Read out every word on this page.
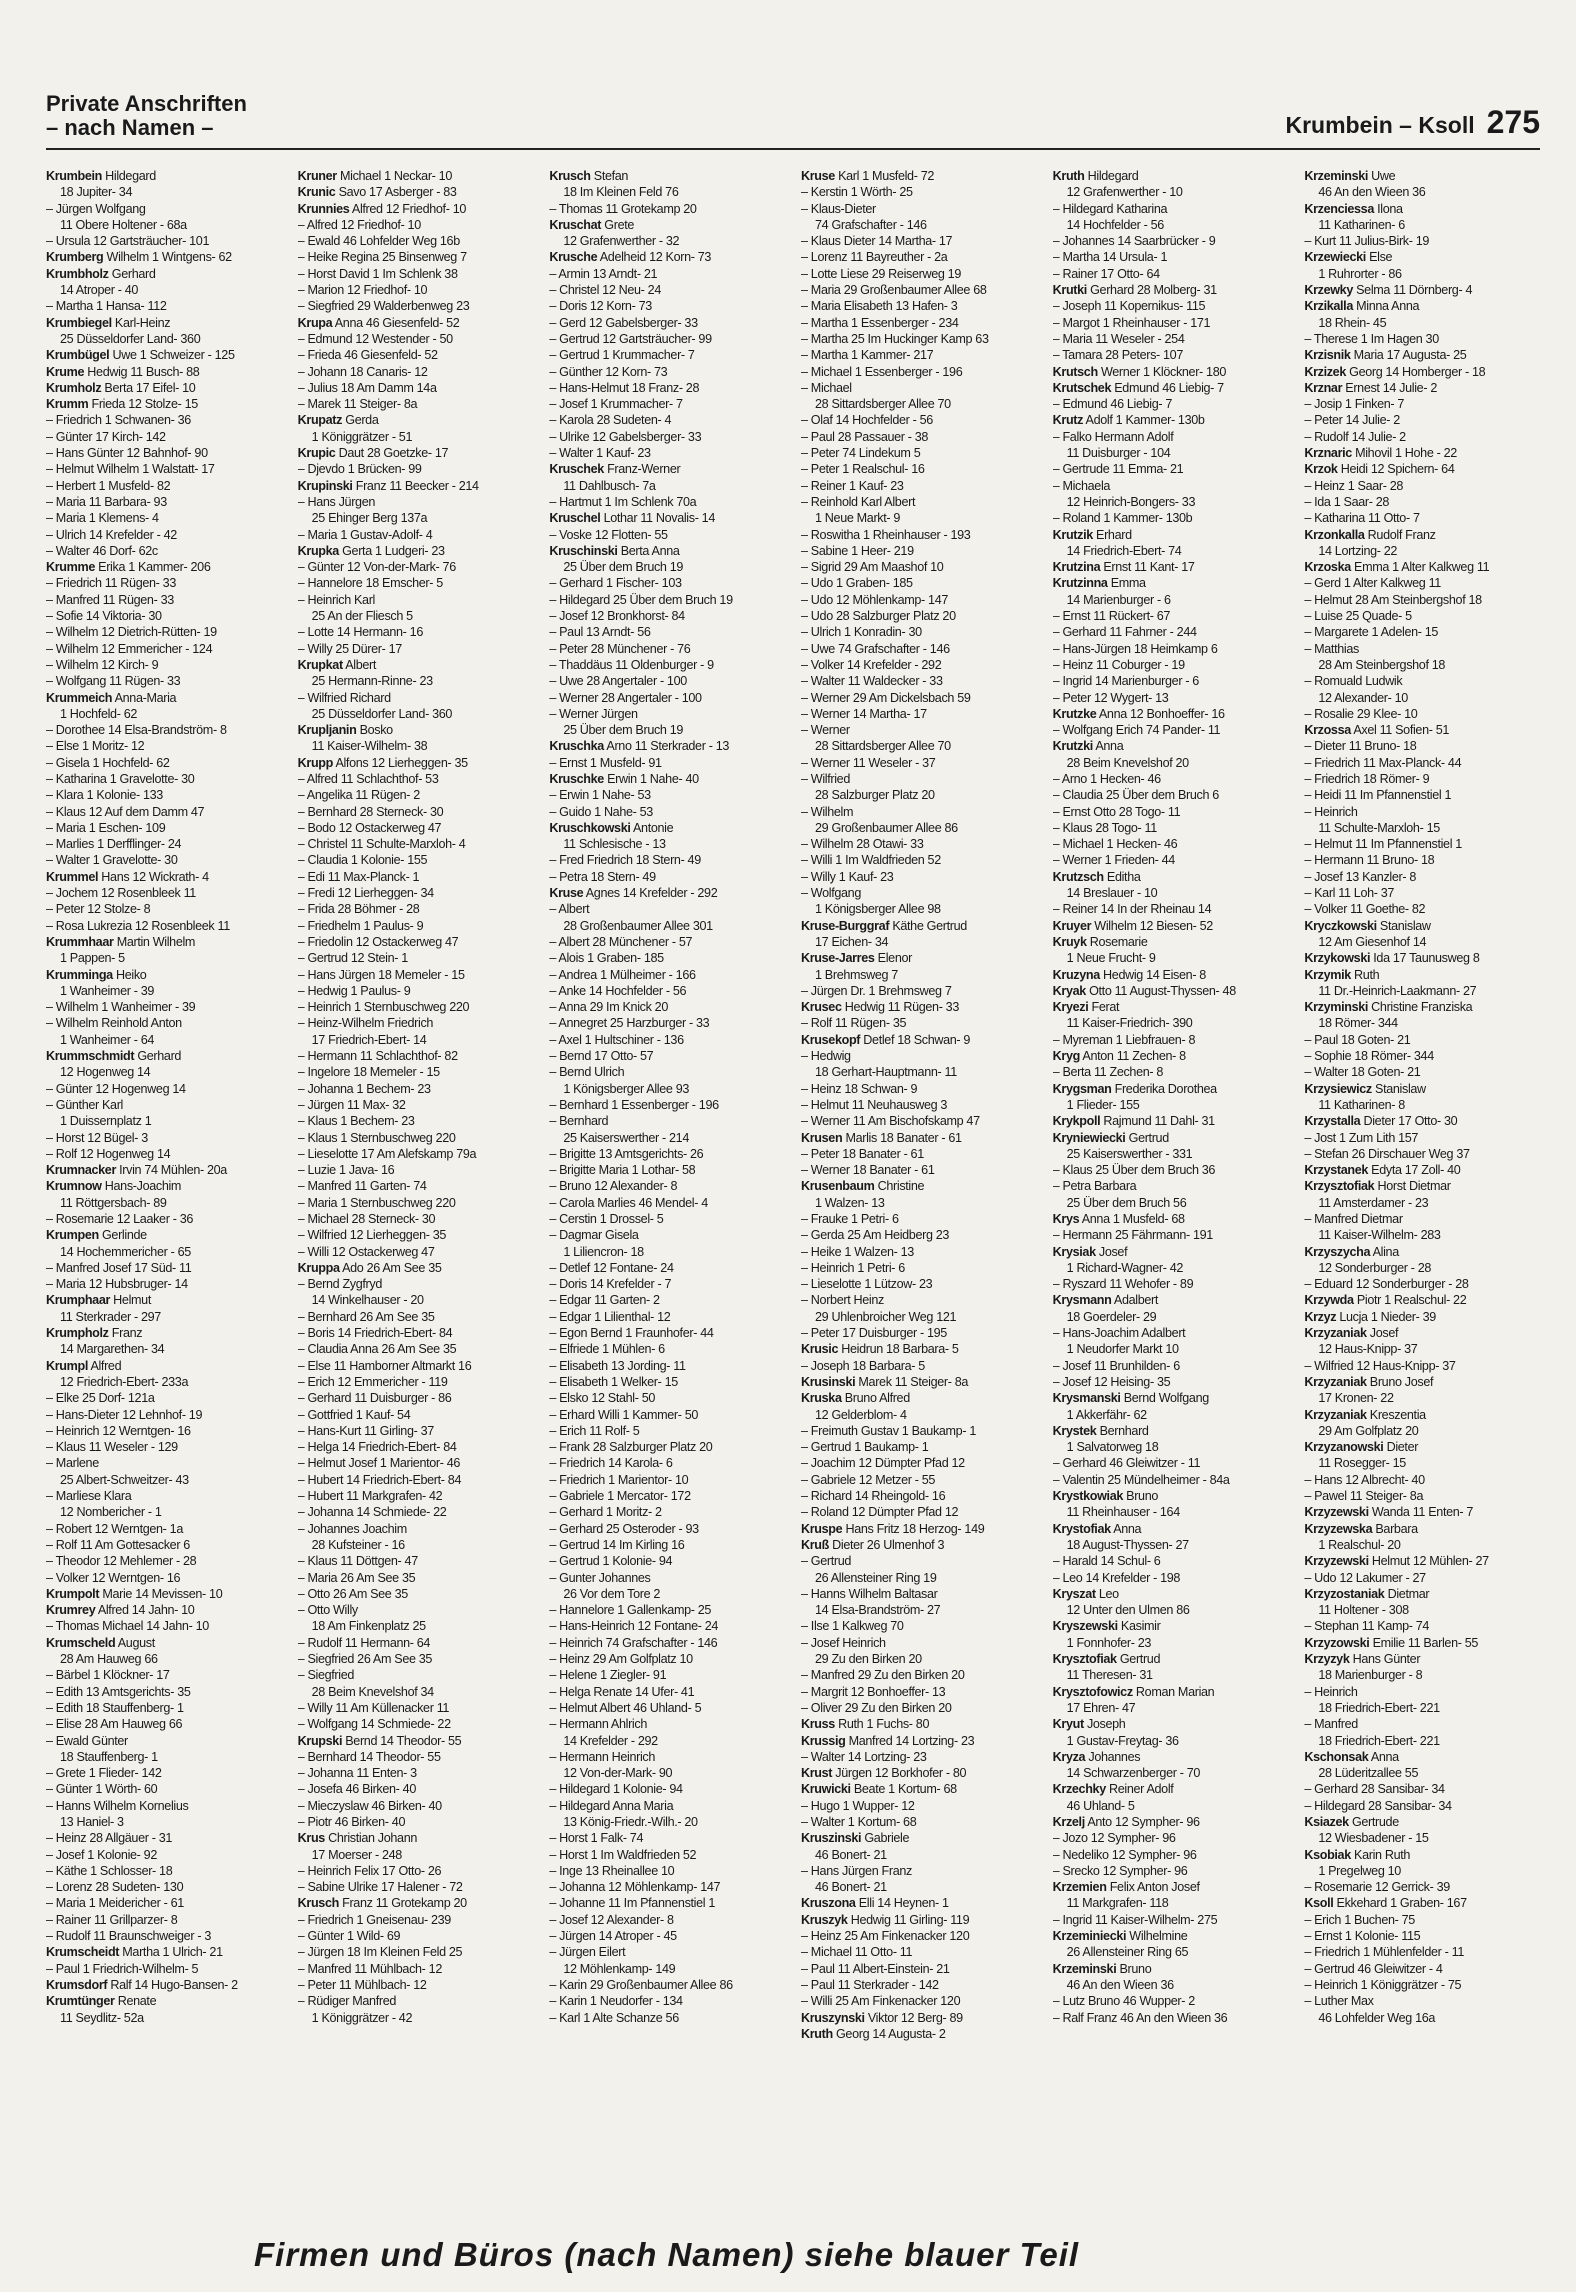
Private Anschriften
– nach Namen –	Krumbein – Ksoll 275
Krumbein Hildegard
18 Jupiter- 34
– Jürgen Wolfgang
11 Obere Holtener - 68a
– Ursula 12 Gartsträucher- 101
Krumberg Wilhelm 1 Wintgens- 62
Krumbholz Gerhard
14 Atroper - 40
– Martha 1 Hansa- 112
Krumbiegel Karl-Heinz
25 Düsseldorfer Land- 360
Krumbügel Uwe 1 Schweizer - 125
Krume Hedwig 11 Busch- 88
Krumholz Berta 17 Eifel- 10
Krumm Frieda 12 Stolze- 15
– Friedrich 1 Schwanen- 36
– Günter 17 Kirch- 142
– Hans Günter 12 Bahnhof- 90
– Helmut Wilhelm 1 Walstatt- 17
– Herbert 1 Musfeld- 82
– Maria 11 Barbara- 93
– Maria 1 Klemens- 4
– Ulrich 14 Krefelder - 42
– Walter 46 Dorf- 62c
Krumme Erika 1 Kammer- 206
– Friedrich 11 Rügen- 33
– Manfred 11 Rügen- 33
– Sofie 14 Viktoria- 30
– Wilhelm 12 Dietrich-Rütten- 19
– Wilhelm 12 Emmericher - 124
– Wilhelm 12 Kirch- 9
– Wolfgang 11 Rügen- 33
Krummeich Anna-Maria
1 Hochfeld- 62
– Dorothee 14 Elsa-Brandström- 8
– Else 1 Moritz- 12
– Gisela 1 Hochfeld- 62
– Katharina 1 Gravelotte- 30
– Klara 1 Kolonie- 133
– Klaus 12 Auf dem Damm 47
– Maria 1 Eschen- 109
– Marlies 1 Derfflinger- 24
– Walter 1 Gravelotte- 30
Krummel Hans 12 Wickrath- 4
– Jochem 12 Rosenbleek 11
– Peter 12 Stolze- 8
– Rosa Lukrezia 12 Rosenbleek 11
Krummhaar Martin Wilhelm
1 Pappen- 5
Krumminga Heiko
1 Wanheimer - 39
– Wilhelm 1 Wanheimer - 39
– Wilhelm Reinhold Anton
1 Wanheimer - 64
Krummschmidt Gerhard
12 Hogenweg 14
– Günter 12 Hogenweg 14
– Günther Karl
1 Duissernplatz 1
– Horst 12 Bügel- 3
– Rolf 12 Hogenweg 14
Krumnacker Irvin 74 Mühlen- 20a
Krumnow Hans-Joachim
11 Röttgersbach- 89
– Rosemarie 12 Laaker - 36
Krumpen Gerlinde
14 Hochemmericher - 65
– Manfred Josef 17 Süd- 11
– Maria 12 Hubsbruger- 14
Krumphaar Helmut
11 Sterkrader - 297
Krumpholz Franz
14 Margarethen- 34
Krumpl Alfred
12 Friedrich-Ebert- 233a
– Elke 25 Dorf- 121a
– Hans-Dieter 12 Lehnhof- 19
– Heinrich 12 Werntgen- 16
– Klaus 11 Weseler - 129
– Marlene
25 Albert-Schweitzer- 43
– Marliese Klara
12 Nombericher - 1
– Robert 12 Werntgen- 1a
– Rolf 11 Am Gottesacker 6
– Theodor 12 Mehlemer - 28
– Volker 12 Werntgen- 16
Krumpolt Marie 14 Mevissen- 10
Krumrey Alfred 14 Jahn- 10
– Thomas Michael 14 Jahn- 10
Krumscheld August
28 Am Hauweg 66
– Bärbel 1 Klöckner- 17
– Edith 13 Amtsgerichts- 35
– Edith 18 Stauffenberg- 1
– Elise 28 Am Hauweg 66
– Ewald Günter
18 Stauffenberg- 1
– Grete 1 Flieder- 142
– Günter 1 Wörth- 60
– Hanns Wilhelm Kornelius
13 Haniel- 3
– Heinz 28 Allgäuer - 31
– Josef 1 Kolonie- 92
– Käthe 1 Schlosser- 18
– Lorenz 28 Sudeten- 130
– Maria 1 Meidericher - 61
– Rainer 11 Grillparzer- 8
– Rudolf 11 Braunschweiger - 3
Krumscheidt Martha 1 Ulrich- 21
– Paul 1 Friedrich-Wilhelm- 5
Krumsdorf Ralf 14 Hugo-Bansen- 2
Krumtünger Renate
11 Seydlitz- 52a
Kruner Michael 1 Neckar- 10
Krunic Savo 17 Asberger - 83
Krunnies Alfred 12 Friedhof- 10
– Alfred 12 Friedhof- 10
– Ewald 46 Lohfelder Weg 16b
– Heike Regina 25 Binsenweg 7
– Horst David 1 Im Schlenk 38
– Marion 12 Friedhof- 10
– Siegfried 29 Walderbenweg 23
Krupa Anna 46 Giesenfeld- 52
– Edmund 12 Westender - 50
– Frieda 46 Giesenfeld- 52
– Johann 18 Canaris- 12
– Julius 18 Am Damm 14a
– Marek 11 Steiger- 8a
Krupatz Gerda
1 Königgrätzer - 51
Krupic Daut 28 Goetzke- 17
– Djevdo 1 Brücken- 99
Krupinski Franz 11 Beecker - 214
– Hans Jürgen
25 Ehinger Berg 137a
– Maria 1 Gustav-Adolf- 4
Krupka Gerta 1 Ludgeri- 23
– Günter 12 Von-der-Mark- 76
– Hannelore 18 Emscher- 5
– Heinrich Karl
25 An der Fliesch 5
– Lotte 14 Hermann- 16
– Willy 25 Dürer- 17
Krupkat Albert
25 Hermann-Rinne- 23
– Wilfried Richard
25 Düsseldorfer Land- 360
Krupljanin Bosko
11 Kaiser-Wilhelm- 38
Krupp Alfons 12 Lierheggen- 35
– Alfred 11 Schlachthof- 53
– Angelika 11 Rügen- 2
– Bernhard 28 Sterneck- 30
– Bodo 12 Ostackerweg 47
– Christel 11 Schulte-Marxloh- 4
– Claudia 1 Kolonie- 155
– Edi 11 Max-Planck- 1
– Fredi 12 Lierheggen- 34
– Frida 28 Böhmer - 28
– Friedhelm 1 Paulus- 9
– Friedolin 12 Ostackerweg 47
– Gertrud 12 Stein- 1
– Hans Jürgen 18 Memeler - 15
– Hedwig 1 Paulus- 9
– Heinrich 1 Sternbuschweg 220
– Heinz-Wilhelm Friedrich
17 Friedrich-Ebert- 14
– Hermann 11 Schlachthof- 82
– Ingelore 18 Memeler - 15
– Johanna 1 Bechem- 23
– Jürgen 11 Max- 32
– Klaus 1 Bechem- 23
– Klaus 1 Sternbuschweg 220
– Lieselotte 17 Am Alefskamp 79a
– Luzie 1 Java- 16
– Manfred 11 Garten- 74
– Maria 1 Sternbuschweg 220
– Michael 28 Sterneck- 30
– Wilfried 12 Lierheggen- 35
– Willi 12 Ostackerweg 47
Kruppa Ado 26 Am See 35
– Bernd Zygfryd
14 Winkelhauser - 20
– Bernhard 26 Am See 35
– Boris 14 Friedrich-Ebert- 84
– Claudia Anna 26 Am See 35
– Else 11 Hamborner Altmarkt 16
– Erich 12 Emmericher - 119
– Gerhard 11 Duisburger - 86
– Gottfried 1 Kauf- 54
– Hans-Kurt 11 Girling- 37
– Helga 14 Friedrich-Ebert- 84
– Helmut Josef 1 Marientor- 46
– Hubert 14 Friedrich-Ebert- 84
– Hubert 11 Markgrafen- 42
– Johanna 14 Schmiede- 22
– Johannes Joachim
28 Kufsteiner - 16
– Klaus 11 Döttgen- 47
– Maria 26 Am See 35
– Otto 26 Am See 35
– Otto Willy
18 Am Finkenplatz 25
– Rudolf 11 Hermann- 64
– Siegfried 26 Am See 35
– Siegfried
28 Beim Knevelshof 34
– Willy 11 Am Küllenacker 11
– Wolfgang 14 Schmiede- 22
Krupski Bernd 14 Theodor- 55
– Bernhard 14 Theodor- 55
– Johanna 11 Enten- 3
– Josefa 46 Birken- 40
– Mieczyslaw 46 Birken- 40
– Piotr 46 Birken- 40
Krus Christian Johann
17 Moerser - 248
– Heinrich Felix 17 Otto- 26
– Sabine Ulrike 17 Halener - 72
Krusch Franz 11 Grotekamp 20
– Friedrich 1 Gneisenau- 239
– Günter 1 Wild- 69
– Jürgen 18 Im Kleinen Feld 25
– Manfred 11 Mühlbach- 12
– Peter 11 Mühlbach- 12
– Rüdiger Manfred
1 Königgrätzer - 42
Krusch Stefan
18 Im Kleinen Feld 76
– Thomas 11 Grotekamp 20
Kruschat Grete
12 Grafenwerther - 32
Krusche Adelheid 12 Korn- 73
– Armin 13 Arndt- 21
– Christel 12 Neu- 24
– Doris 12 Korn- 73
– Gerd 12 Gabelsberger- 33
– Gertrud 12 Gartsträucher- 99
– Gertrud 1 Krummacher- 7
– Günther 12 Korn- 73
– Hans-Helmut 18 Franz- 28
– Josef 1 Krummacher- 7
– Karola 28 Sudeten- 4
– Ulrike 12 Gabelsberger- 33
– Walter 1 Kauf- 23
Kruschek Franz-Werner
11 Dahlbusch- 7a
– Hartmut 1 Im Schlenk 70a
Kruschel Lothar 11 Novalis- 14
– Voske 12 Flotten- 55
Kruschinski Berta Anna
25 Über dem Bruch 19
– Gerhard 1 Fischer- 103
– Hildegard 25 Über dem Bruch 19
– Josef 12 Bronkhorst- 84
– Paul 13 Arndt- 56
– Peter 28 Münchener - 76
– Thaddäus 11 Oldenburger - 9
– Uwe 28 Angertaler - 100
– Werner 28 Angertaler - 100
– Werner Jürgen
25 Über dem Bruch 19
Kruschka Arno 11 Sterkrader - 13
– Ernst 1 Musfeld- 91
Kruschke Erwin 1 Nahe- 40
– Erwin 1 Nahe- 53
– Guido 1 Nahe- 53
Kruschkowski Antonie
11 Schlesische - 13
– Fred Friedrich 18 Stern- 49
– Petra 18 Stern- 49
Kruse Agnes 14 Krefelder - 292
– Albert
28 Großenbaumer Allee 301
– Albert 28 Münchener - 57
– Alois 1 Graben- 185
– Andrea 1 Mülheimer - 166
– Anke 14 Hochfelder - 56
– Anna 29 Im Knick 20
– Annegret 25 Harzburger - 33
– Axel 1 Hultschiner - 136
– Bernd 17 Otto- 57
– Bernd Ulrich
1 Königsberger Allee 93
– Bernhard 1 Essenberger - 196
– Bernhard
25 Kaiserswerther - 214
– Brigitte 13 Amtsgerichts- 26
– Brigitte Maria 1 Lothar- 58
– Bruno 12 Alexander- 8
– Carola Marlies 46 Mendel- 4
– Cerstin 1 Drossel- 5
– Dagmar Gisela
1 Liliencron- 18
– Detlef 12 Fontane- 24
– Doris 14 Krefelder - 7
– Edgar 11 Garten- 2
– Edgar 1 Lilienthal- 12
– Egon Bernd 1 Fraunhofer- 44
– Elfriede 1 Mühlen- 6
– Elisabeth 13 Jording- 11
– Elisabeth 1 Welker- 15
– Elsko 12 Stahl- 50
– Erhard Willi 1 Kammer- 50
– Erich 11 Rolf- 5
– Frank 28 Salzburger Platz 20
– Friedrich 14 Karola- 6
– Friedrich 1 Marientor- 10
– Gabriele 1 Mercator- 172
– Gerhard 1 Moritz- 2
– Gerhard 25 Osteroder - 93
– Gertrud 14 Im Kirling 16
– Gertrud 1 Kolonie- 94
– Gunter Johannes
26 Vor dem Tore 2
– Hannelore 1 Gallenkamp- 25
– Hans-Heinrich 12 Fontane- 24
– Heinrich 74 Grafschafter - 146
– Heinz 29 Am Golfplatz 10
– Helene 1 Ziegler- 91
– Helga Renate 14 Ufer- 41
– Helmut Albert 46 Uhland- 5
– Hermann Ahlrich
14 Krefelder - 292
– Hermann Heinrich
12 Von-der-Mark- 90
– Hildegard 1 Kolonie- 94
– Hildegard Anna Maria
13 König-Friedr.-Wilh.- 20
– Horst 1 Falk- 74
– Horst 1 Im Waldfrieden 52
– Inge 13 Rheinallee 10
– Johanna 12 Möhlenkamp- 147
– Johanne 11 Im Pfannenstiel 1
– Josef 12 Alexander- 8
– Jürgen 14 Atroper - 45
– Jürgen Eilert
12 Möhlenkamp- 149
– Karin 29 Großenbaumer Allee 86
– Karin 1 Neudorfer - 134
– Karl 1 Alte Schanze 56
Kruse Karl 1 Musfeld- 72
– Kerstin 1 Wörth- 25
– Klaus-Dieter
74 Grafschafter - 146
– Klaus Dieter 14 Martha- 17
– Lorenz 11 Bayreuther - 2a
– Lotte Liese 29 Reiserweg 19
– Maria 29 Großenbaumer Allee 68
– Maria Elisabeth 13 Hafen- 3
– Martha 1 Essenberger - 234
– Martha 25 Im Huckinger Kamp 63
– Martha 1 Kammer- 217
– Michael 1 Essenberger - 196
– Michael
28 Sittardsberger Allee 70
– Olaf 14 Hochfelder - 56
– Paul 28 Passauer - 38
– Peter 74 Lindekum 5
– Peter 1 Realschul- 16
– Reiner 1 Kauf- 23
– Reinhold Karl Albert
1 Neue Markt- 9
– Roswitha 1 Rheinhauser - 193
– Sabine 1 Heer- 219
– Sigrid 29 Am Maashof 10
– Udo 1 Graben- 185
– Udo 12 Möhlenkamp- 147
– Udo 28 Salzburger Platz 20
– Ulrich 1 Konradin- 30
– Uwe 74 Grafschafter - 146
– Volker 14 Krefelder - 292
– Walter 11 Waldecker - 33
– Werner 29 Am Dickelsbach 59
– Werner 14 Martha- 17
– Werner
28 Sittardsberger Allee 70
– Werner 11 Weseler - 37
– Wilfried
28 Salzburger Platz 20
– Wilhelm
29 Großenbaumer Allee 86
– Wilhelm 28 Otawi- 33
– Willi 1 Im Waldfrieden 52
– Willy 1 Kauf- 23
– Wolfgang
1 Königsberger Allee 98
Kruse-Burggraf Käthe Gertrud
17 Eichen- 34
Kruse-Jarres Elenor
1 Brehmsweg 7
– Jürgen Dr. 1 Brehmsweg 7
Krusec Hedwig 11 Rügen- 33
– Rolf 11 Rügen- 35
Krusekopf Detlef 18 Schwan- 9
– Hedwig
18 Gerhart-Hauptmann- 11
– Heinz 18 Schwan- 9
– Helmut 11 Neuhausweg 3
– Werner 11 Am Bischofskamp 47
Krusen Marlis 18 Banater - 61
– Peter 18 Banater - 61
– Werner 18 Banater - 61
Krusenbaum Christine
1 Walzen- 13
– Frauke 1 Petri- 6
– Gerda 25 Am Heidberg 23
– Heike 1 Walzen- 13
– Heinrich 1 Petri- 6
– Lieselotte 1 Lützow- 23
– Norbert Heinz
29 Uhlenbroicher Weg 121
– Peter 17 Duisburger - 195
Krusic Heidrun 18 Barbara- 5
– Joseph 18 Barbara- 5
Krusinski Marek 11 Steiger- 8a
Kruska Bruno Alfred
12 Gelderblom- 4
– Freimuth Gustav 1 Baukamp- 1
– Gertrud 1 Baukamp- 1
– Joachim 12 Dümpter Pfad 12
– Gabriele 12 Metzer - 55
– Richard 14 Rheingold- 16
– Roland 12 Dümpter Pfad 12
Kruspe Hans Fritz 18 Herzog- 149
Kruß Dieter 26 Ulmenhof 3
– Gertrud
26 Allensteiner Ring 19
– Hanns Wilhelm Baltasar
14 Elsa-Brandström- 27
– Ilse 1 Kalkweg 70
– Josef Heinrich
29 Zu den Birken 20
– Manfred 29 Zu den Birken 20
– Margrit 12 Bonhoeffer- 13
– Oliver 29 Zu den Birken 20
Kruss Ruth 1 Fuchs- 80
Krussig Manfred 14 Lortzing- 23
– Walter 14 Lortzing- 23
Krust Jürgen 12 Borkhofer - 80
Kruwicki Beate 1 Kortum- 68
– Hugo 1 Wupper- 12
– Walter 1 Kortum- 68
Kruszinski Gabriele
46 Bonert- 21
– Hans Jürgen Franz
46 Bonert- 21
Kruszona Elli 14 Heynen- 1
Kruszyk Hedwig 11 Girling- 119
– Heinz 25 Am Finkenacker 120
– Michael 11 Otto- 11
– Paul 11 Albert-Einstein- 21
– Paul 11 Sterkrader - 142
– Willi 25 Am Finkenacker 120
Kruszynski Viktor 12 Berg- 89
Kruth Georg 14 Augusta- 2
Kruth Hildegard
12 Grafenwerther - 10
– Hildegard Katharina
14 Hochfelder - 56
– Johannes 14 Saarbrücker - 9
– Martha 14 Ursula- 1
– Rainer 17 Otto- 64
Krutki Gerhard 28 Molberg- 31
– Joseph 11 Kopernikus- 115
– Margot 1 Rheinhauser - 171
– Maria 11 Weseler - 254
– Tamara 28 Peters- 107
Krutsch Werner 1 Klöckner- 180
Krutschek Edmund 46 Liebig- 7
– Edmund 46 Liebig- 7
Krutz Adolf 1 Kammer- 130b
– Falko Hermann Adolf
11 Duisburger - 104
– Gertrude 11 Emma- 21
– Michaela
12 Heinrich-Bongers- 33
– Roland 1 Kammer- 130b
Krutzik Erhard
14 Friedrich-Ebert- 74
Krutzina Ernst 11 Kant- 17
Krutzinna Emma
14 Marienburger - 6
– Ernst 11 Rückert- 67
– Gerhard 11 Fahrner - 244
– Hans-Jürgen 18 Heimkamp 6
– Heinz 11 Coburger - 19
– Ingrid 14 Marienburger - 6
– Peter 12 Wygert- 13
Krutzke Anna 12 Bonhoeffer- 16
– Wolfgang Erich 74 Pander- 11
Krutzki Anna
28 Beim Knevelshof 20
– Arno 1 Hecken- 46
– Claudia 25 Über dem Bruch 6
– Ernst Otto 28 Togo- 11
– Klaus 28 Togo- 11
– Michael 1 Hecken- 46
– Werner 1 Frieden- 44
Krutzsch Editha
14 Breslauer - 10
– Reiner 14 In der Rheinau 14
Kruyer Wilhelm 12 Biesen- 52
Kruyk Rosemarie
1 Neue Frucht- 9
Kruzyna Hedwig 14 Eisen- 8
Kryak Otto 11 August-Thyssen- 48
Kryezi Ferat
11 Kaiser-Friedrich- 390
– Myreman 1 Liebfrauen- 8
Kryg Anton 11 Zechen- 8
– Berta 11 Zechen- 8
Krygsman Frederika Dorothea
1 Flieder- 155
Krykpoll Rajmund 11 Dahl- 31
Kryniewiecki Gertrud
25 Kaiserswerther - 331
– Klaus 25 Über dem Bruch 36
– Petra Barbara
25 Über dem Bruch 56
Krys Anna 1 Musfeld- 68
– Hermann 25 Fährmann- 191
Krysiak Josef
1 Richard-Wagner- 42
– Ryszard 11 Wehofer - 89
Krysmann Adalbert
18 Goerdeler- 29
– Hans-Joachim Adalbert
1 Neudorfer Markt 10
– Josef 11 Brunhilden- 6
– Josef 12 Heising- 35
Krysmanski Bernd Wolfgang
1 Akkerfähr- 62
Krystek Bernhard
1 Salvatorweg 18
– Gerhard 46 Gleiwitzer - 11
– Valentin 25 Mündelheimer - 84a
Krystkowiak Bruno
11 Rheinhauser - 164
Krystofiak Anna
18 August-Thyssen- 27
– Harald 14 Schul- 6
– Leo 14 Krefelder - 198
Kryszat Leo
12 Unter den Ulmen 86
Kryszewski Kasimir
1 Fonnhofer- 23
Krysztofiak Gertrud
11 Theresen- 31
Krysztofowicz Roman Marian
17 Ehren- 47
Kryut Joseph
1 Gustav-Freytag- 36
Kryza Johannes
14 Schwarzenberger - 70
Krzechky Reiner Adolf
46 Uhland- 5
Krzelj Anto 12 Sympher- 96
– Jozo 12 Sympher- 96
– Nedeliko 12 Sympher- 96
– Srecko 12 Sympher- 96
Krzemien Felix Anton Josef
11 Markgrafen- 118
– Ingrid 11 Kaiser-Wilhelm- 275
Krzeminiecki Wilhelmine
26 Allensteiner Ring 65
Krzeminski Bruno
46 An den Wieen 36
– Lutz Bruno 46 Wupper- 2
– Ralf Franz 46 An den Wieen 36
Krzeminski Uwe
46 An den Wieen 36
Krzenciessa Ilona
11 Katharinen- 6
– Kurt 11 Julius-Birk- 19
Krzewiecki Else
1 Ruhrorter - 86
Krzewky Selma 11 Dörnberg- 4
Krzikalla Minna Anna
18 Rhein- 45
– Therese 1 Im Hagen 30
Krzisnik Maria 17 Augusta- 25
Krzizek Georg 14 Homberger - 18
Krznar Ernest 14 Julie- 2
– Josip 1 Finken- 7
– Peter 14 Julie- 2
– Rudolf 14 Julie- 2
Krznaric Mihovil 1 Hohe - 22
Krzok Heidi 12 Spichern- 64
– Heinz 1 Saar- 28
– Ida 1 Saar- 28
– Katharina 11 Otto- 7
Krzonkalla Rudolf Franz
14 Lortzing- 22
Krzoska Emma 1 Alter Kalkweg 11
– Gerd 1 Alter Kalkweg 11
– Helmut 28 Am Steinbergshof 18
– Luise 25 Quade- 5
– Margarete 1 Adelen- 15
– Matthias
28 Am Steinbergshof 18
– Romuald Ludwik
12 Alexander- 10
– Rosalie 29 Klee- 10
Krzossa Axel 11 Sofien- 51
– Dieter 11 Bruno- 18
– Friedrich 11 Max-Planck- 44
– Friedrich 18 Römer- 9
– Heidi 11 Im Pfannenstiel 1
– Heinrich
11 Schulte-Marxloh- 15
– Helmut 11 Im Pfannenstiel 1
– Hermann 11 Bruno- 18
– Josef 13 Kanzler- 8
– Karl 11 Loh- 37
– Volker 11 Goethe- 82
Kryczkowski Stanislaw
12 Am Giesenhof 14
Krzykowski Ida 17 Taunusweg 8
Krzymik Ruth
11 Dr.-Heinrich-Laakmann- 27
Krzyminski Christine Franziska
18 Römer- 344
– Paul 18 Goten- 21
– Sophie 18 Römer- 344
– Walter 18 Goten- 21
Krzysiewicz Stanislaw
11 Katharinen- 8
Krzystalla Dieter 17 Otto- 30
– Jost 1 Zum Lith 157
– Stefan 26 Dirschauer Weg 37
Krzystanek Edyta 17 Zoll- 40
Krzysztofiak Horst Dietmar
11 Amsterdamer - 23
– Manfred Dietmar
11 Kaiser-Wilhelm- 283
Krzyszycha Alina
12 Sonderburger - 28
– Eduard 12 Sonderburger - 28
Krzywda Piotr 1 Realschul- 22
Krzyz Lucja 1 Nieder- 39
Krzyzaniak Josef
12 Haus-Knipp- 37
– Wilfried 12 Haus-Knipp- 37
Krzyzaniak Bruno Josef
17 Kronen- 22
Krzyzaniak Kreszentia
29 Am Golfplatz 20
Krzyzanowski Dieter
11 Rosegger- 15
– Hans 12 Albrecht- 40
– Pawel 11 Steiger- 8a
Krzyzewski Wanda 11 Enten- 7
Krzyzewska Barbara
1 Realschul- 20
Krzyzewski Helmut 12 Mühlen- 27
– Udo 12 Lakumer - 27
Krzyzostaniak Dietmar
11 Holtener - 308
– Stephan 11 Kamp- 74
Krzyzowski Emilie 11 Barlen- 55
Krzyzyk Hans Günter
18 Marienburger - 8
– Heinrich
18 Friedrich-Ebert- 221
– Manfred
18 Friedrich-Ebert- 221
Kschonsak Anna
28 Lüderitzallee 55
– Gerhard 28 Sansibar- 34
– Hildegard 28 Sansibar- 34
Ksiazek Gertrude
12 Wiesbadener - 15
Ksobiak Karin Ruth
1 Pregelweg 10
– Rosemarie 12 Gerrick- 39
Ksoll Ekkehard 1 Graben- 167
– Erich 1 Buchen- 75
– Ernst 1 Kolonie- 115
– Friedrich 1 Mühlenfelder - 11
– Gertrud 46 Gleiwitzer - 4
– Heinrich 1 Königgrätzer - 75
– Luther Max
46 Lohfelder Weg 16a
Firmen und Büros (nach Namen) siehe blauer Teil
